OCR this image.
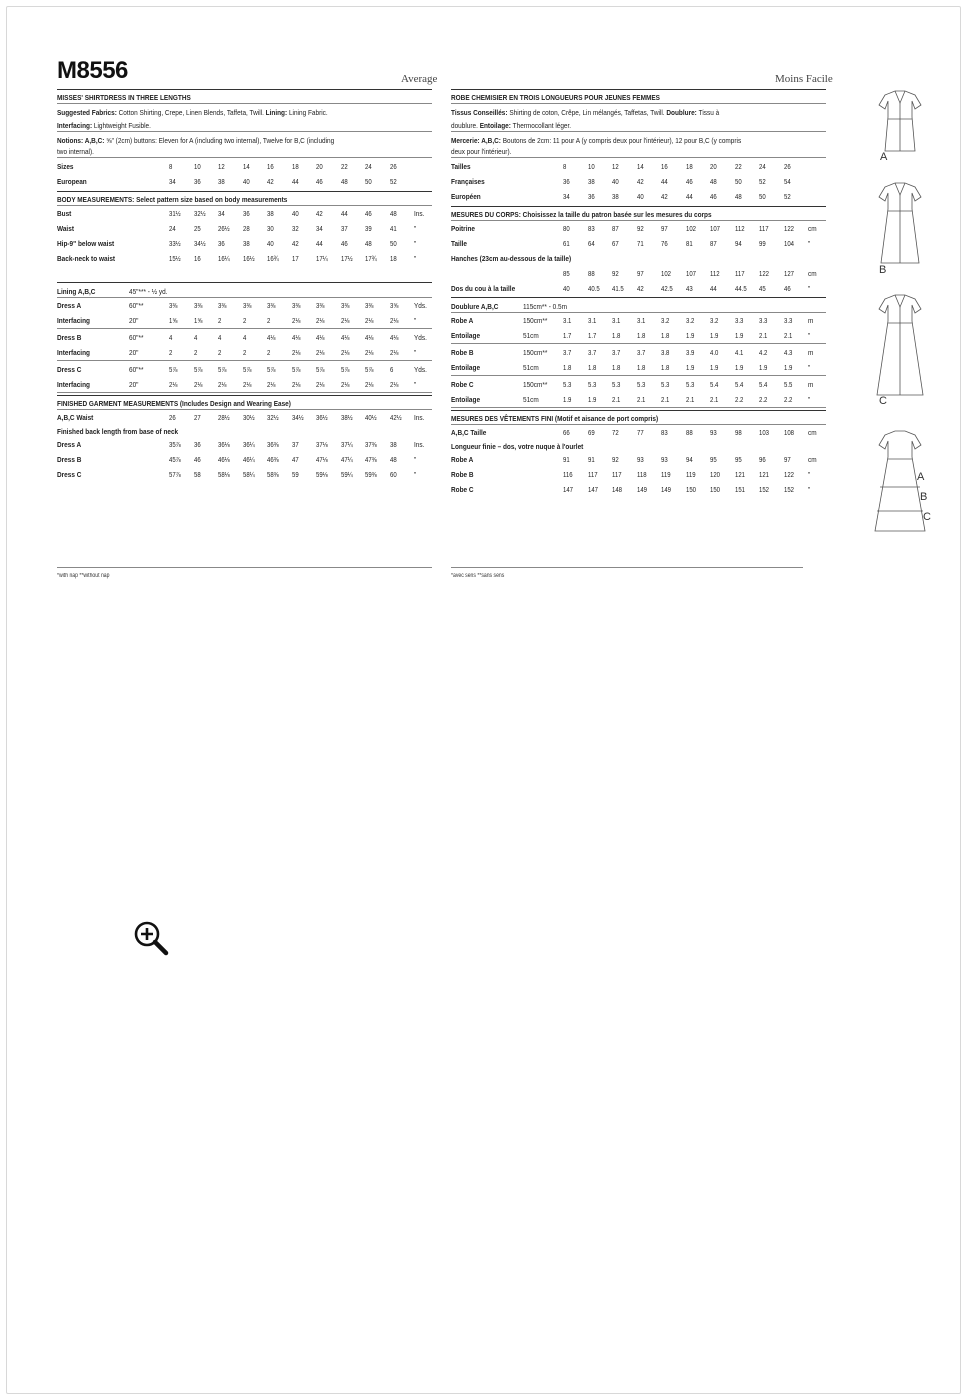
M8556	Average	Moins Facile
A
B
C
A
B
C
MISSES' SHIRTDRESS IN THREE LENGTHS
Suggested Fabrics: Cotton Shirting, Crepe, Linen Blends, Taffeta, Twill. Lining: Lining Fabric.
Interfacing: Lightweight Fusible.
Notions: A,B,C: ⅝" (2cm) buttons: Eleven for A (including two internal), Twelve for B,C (including
two internal).
Sizes	8	10 12 14 16 18 20 22 24 26
European	34 36 38 40 42 44 46 48 50 52
BODY MEASUREMENTS: Select pattern size based on body measurements
Bust	31½ 32½ 34 36 38 40 42 44 46 48 Ins.
Waist	24 25 26½ 28 30 32 34 37 39 41 "
Hip-9" below waist	33½ 34½ 36 38 40 42 44 46 48 50 "
Back-neck to waist	15½ 16 16¼ 16½ 16¾ 17 17¼ 17½ 17¾ 18 "
Lining A,B,C	45"*** - ½ yd.
Dress A	3⅜ 3⅜ 3⅜ 3⅜ 3⅜ 3⅜ 3⅜ 3⅜ 3⅜ 3⅝ Yds.
60"**
Interfacing	1⅝ 1⅝ 2	2	2	2⅛ 2⅛ 2⅛ 2⅛ 2⅛ "
20"
Dress B	4	4	4	4	4⅛ 4⅛ 4⅛ 4⅛ 4⅛ 4⅛ Yds.
60"**
Interfacing	2	2	2	2	2	2⅛ 2⅛ 2⅛ 2⅛ 2⅛ "
20"
Dress C	5⅞ 5⅞ 5⅞ 5⅞ 5⅞ 5⅞ 5⅞ 5⅞ 5⅞ 6	Yds.
60"**
Interfacing	2⅛ 2⅛ 2⅛ 2⅛ 2⅛ 2⅛ 2⅛ 2⅛ 2⅛ 2⅛ "
20"
FINISHED GARMENT MEASUREMENTS (Includes Design and Wearing Ease)
A,B,C Waist	26 27 28½ 30½ 32½ 34½ 36½ 38½ 40½ 42½ Ins.
Finished back length from base of neck
Dress A	35⅞ 36 36⅛ 36¼ 36⅜ 37 37⅛ 37¼ 37⅜ 38 Ins.
Dress B	45⅞ 46 46⅛ 46¼ 46⅜ 47 47⅛ 47¼ 47⅜ 48 "
Dress C	57⅞ 58 58⅛ 58¼ 58⅜ 59 59⅛ 59¼ 59⅜ 60 "
*with nap **without nap
ROBE CHEMISIER EN TROIS LONGUEURS POUR JEUNES FEMMES
Tissus Conseillés: Shirting de coton, Crêpe, Lin mélangés, Taffetas, Twill. Doublure: Tissu à
doublure. Entoilage: Thermocollant léger.
Mercerie: A,B,C: Boutons de 2cm: 11 pour A (y compris deux pour l'intérieur), 12 pour B,C (y compris
deux pour l'intérieur).
Tailles	8	10 12 14 16 18 20 22 24 26
Françaises	36 38 40 42 44 46 48 50 52 54
Européen	34 36 38 40 42 44 46 48 50 52
MESURES DU CORPS: Choisissez la taille du patron basée sur les mesures du corps
Poitrine	80 83 87 92 97 102 107 112 117 122 cm
Taille	61 64 67 71 76 81 87 94 99 104 "
Hanches (23cm au-dessous de la taille)
85 88 92 97 102 107 112 117 122 127 cm
Dos du cou à la taille	40 40.5 41.5 42 42.5 43 44 44.5 45 46 "
Doublure A,B,C	115cm** - 0.5m
Robe A	3.1 3.1 3.1 3.1 3.2 3.2 3.2 3.3 3.3 3.3 m
150cm**
Entoilage	1.7 1.7 1.8 1.8 1.8 1.9 1.9 1.9 2.1 2.1 "
51cm
Robe B	3.7 3.7 3.7 3.7 3.8 3.9 4.0 4.1 4.2 4.3 m
150cm**
Entoilage	1.8 1.8 1.8 1.8 1.8 1.9 1.9 1.9 1.9 1.9 "
51cm
Robe C	5.3 5.3 5.3 5.3 5.3 5.3 5.4 5.4 5.4 5.5 m
150cm**
Entoilage	1.9 1.9 2.1 2.1 2.1 2.1 2.1 2.2 2.2 2.2 "
51cm
MESURES DES VÊTEMENTS FINI (Motif et aisance de port compris)
A,B,C Taille	66 69 72 77 83 88 93 98 103 108 cm
Longueur finie – dos, votre nuque à l'ourlet
Robe A	91 91 92 93 93 94 95 95 96 97 cm
Robe B	116 117 117 118 119 119 120 121 121 122 "
Robe C	147 147 148 149 149 150 150 151 152 152 "
*avec sens **sans sens
